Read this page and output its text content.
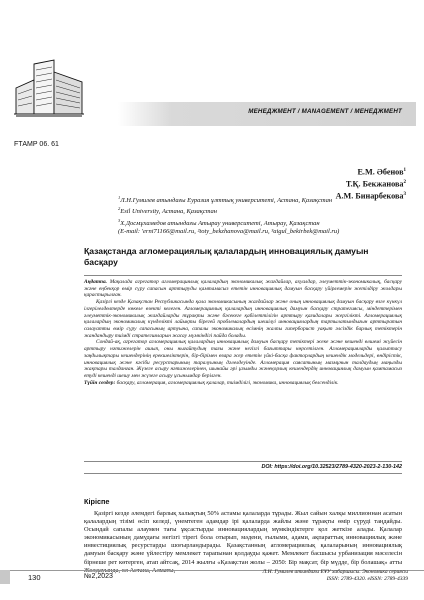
МЕНЕДЖМЕНТ / MANAGEMENT / МЕНЕДЖМЕНТ
FТАМР 06. 61
Е.М. Әбенов$^1$
Т.Қ. Бекжанова$^2$
А.М. Бинарбекова$^3$
$^1$Л.Н.Гумилев атындағы Еуразия ұлттық университеті, Астана, Қазақстан
$^2$Esil University, Астана, Қазақстан
$^3$Х.Досмұхамедов атындағы Атырау университеті, Атырау, Қазақстан
(E-mail: 'erni71166@mail.ru, ²toty_bekzhanova@mail.ru, ³aigul_bekirbek@mail.ru)
Қазақстанда агломерациялық қалалардың инновациялық дамуын басқару

Аңдатпа. Мақалада агрегатор агломерациялық қалалардың экономикалық жағдайлар, ахуалдар, әлеуметтік-экономикалық, басқару және еңбекқор өмір сүру сапасын арттыруды қамтамасыз ететін инновациялық дамуын басқару үйірлемерін жетілдіру жолдары қарастырылған.

Қазіргі кезде Қазақстан Республикасында қала экономикасының жағдайлар және оның инновациялық дамуын басқару өзге күнкүл ілгерілелдөлтерде көкеле өзекті келеген. Агломерациялық қалалардың инновациялық дамуын басқару стратегиясы, міндеттерімен әлеуметтік-экономикалық жағдайларды тұрақты және бәсекеге қабілеттілігін арттыру қағидалары жергілікті. Агломерациялық қалалардың экономикалық күнделікті лайықты бірегей проблемалардың шешілуі инновациялардың тартылатындығын арттыратын салауатты өмір сүру сапасының артуына, сапалы экономикалық өсімнің жалпы гиперборист уақыт әлсіздік барлық тетіктерін жандандыру тиімді стратегияларын жасау мүмкіндігі пайда болады.

Сондай-ақ, агрегатор агломерациялық қалалардың инновациялық дамуын басқару тетіктері жеке және кешенді өлшемі жүйесін арттыру нәтижелерін ашып, оны нығайтудың тағы және негізгі бағыттары көрсетілген. Агломерацияларды қалыптасу заңдылықтары кешендерінің ерекшеліктерін, бір-бірімен өзара әсер ететін үйкі-басқа факторлардың кешендік модельдері, өндірістік, инновациялық және кәсіби ресурстарының таралуының дәлелдеуінде. Агломерация саясатының мазмұнын талдаудың маңызды жақтары талданған. Жүзеге асыру нәтижелерінен, шынайы әрі ұғымды жәнеқорлық кешендердің инновациялық дамуын қамтамасыз етуді кешенді шешу мен жүзеге асыру ұсынымдар берілген.

Түйін сөздер: басқару, агломерация, агломерациялық қалалар, тиімділігі, экономика, инновациялық белсенділік.

DOI: https://doi.org/10.32523/2789-4320-2023-2-130-142
Кіріспе
Қазіргі кезде әлемдегі барлық халықтың 50% астамы қалаларда тұрады. Жыл сайын халқы миллионнан асатын қалалардың тізімі өсіп келеді, үнемтеген адамдар ірі қалаларда жайлы және тұрақты өмір сүруді таңдайды. Осындай сапалы алаумен тағы ұқсастырды инновациялардың мүмкіндіктерге қол жеткізе алады. Қалалар экономикасының дамудағы негізгі тірегі бола отырып, мәдени, ғылыми, адами, ақпараттық инновациялық және инвестициялық ресурстарды шоғырландырады. Қазақстанның агломерациялық қалаларының инновациялық дамуын басқару және үйлестіру мемлекет тарапынан қолдауды қажет. Мемлекет басшысы урбанизация мәселесін бірнеше рет көтерген, атап айтсақ, 2014 жылғы «Қазақстан жолы – 2050: Бір мақсат, бір мүдде, бір болашақ» атты Жолдауында, ол Астана, Алматы,
130	№2,2023
Л.Н. Гумилев атындағы ЕҰУ хабаршысы. Экономика сериясы
ISSN: 2789-4320. eISSN: 2789-4339
